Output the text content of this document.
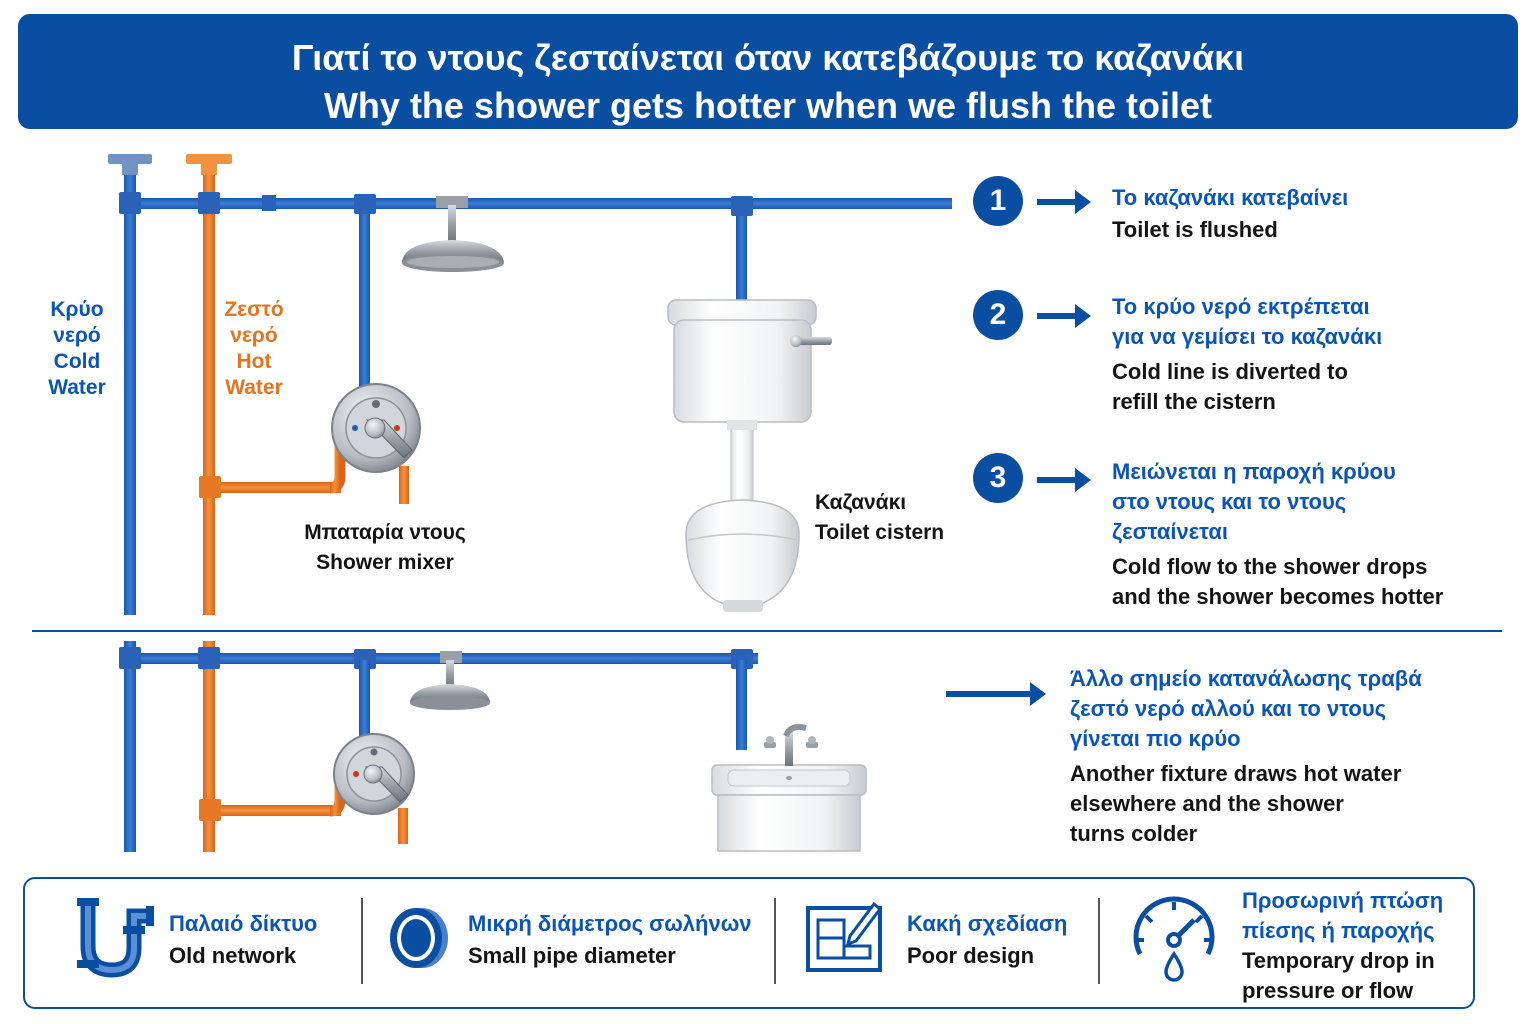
Γιατί το ντους ζεσταίνεται όταν κατεβάζουμε το καζανάκι
Why the shower gets hotter when we flush the toilet
Κρύο
νερό
Cold
Water
Ζεστό
νερό
Hot
Water
Μπαταρία ντους
Shower mixer
Καζανάκι
Toilet cistern
1	Το καζανάκι κατεβαίνει
Toilet is flushed
2	Το κρύο νερό εκτρέπεται
για να γεμίσει το καζανάκι
Cold line is diverted to
refill the cistern
3	Μειώνεται η παροχή κρύου
στο ντους και το ντους
ζεσταίνεται
Cold flow to the shower drops
and the shower becomes hotter
Άλλο σημείο κατανάλωσης τραβά
ζεστό νερό αλλού και το ντους
γίνεται πιο κρύο
Another fixture draws hot water
elsewhere and the shower
turns colder
Παλαιό δίκτυο
Old network
Μικρή διάμετρος σωλήνων
Small pipe diameter
Κακή σχεδίαση
Poor design
Προσωρινή πτώση
πίεσης ή παροχής
Temporary drop in
pressure or flow
